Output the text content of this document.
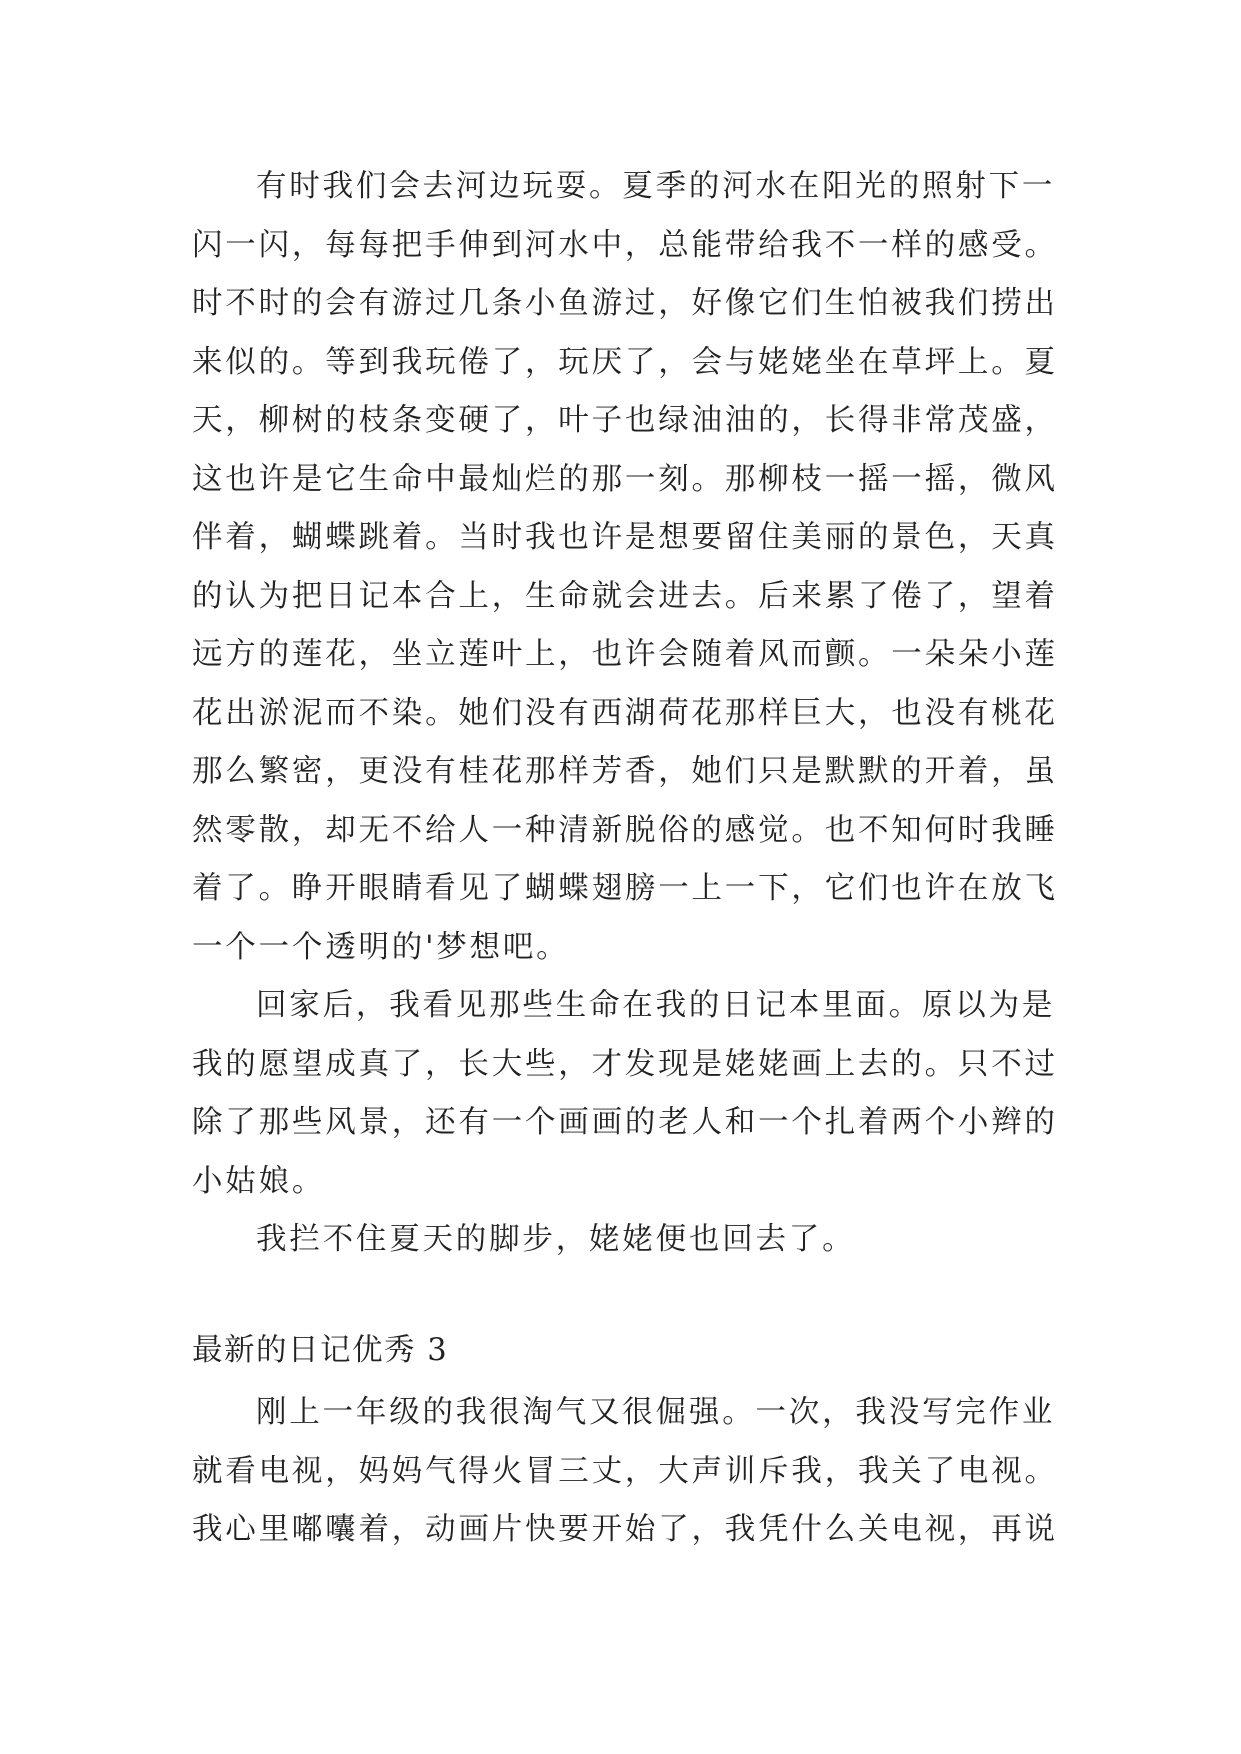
有时我们会去河边玩耍。夏季的河水在阳光的照射下一
闪一闪，每每把手伸到河水中，总能带给我不一样的感受。
时不时的会有游过几条小鱼游过，好像它们生怕被我们捞出
来似的。等到我玩倦了，玩厌了，会与姥姥坐在草坪上。夏
天，柳树的枝条变硬了，叶子也绿油油的，长得非常茂盛，
这也许是它生命中最灿烂的那一刻。那柳枝一摇一摇，微风
伴着，蝴蝶跳着。当时我也许是想要留住美丽的景色，天真
的认为把日记本合上，生命就会进去。后来累了倦了，望着
远方的莲花，坐立莲叶上，也许会随着风而颤。一朵朵小莲
花出淤泥而不染。她们没有西湖荷花那样巨大，也没有桃花
那么繁密，更没有桂花那样芳香，她们只是默默的开着，虽
然零散，却无不给人一种清新脱俗的感觉。也不知何时我睡
着了。睁开眼睛看见了蝴蝶翅膀一上一下，它们也许在放飞
一个一个透明的'梦想吧。
回家后，我看见那些生命在我的日记本里面。原以为是
我的愿望成真了，长大些，才发现是姥姥画上去的。只不过
除了那些风景，还有一个画画的老人和一个扎着两个小辫的
小姑娘。
我拦不住夏天的脚步，姥姥便也回去了。
最新的日记优秀 3
刚上一年级的我很淘气又很倔强。一次，我没写完作业
就看电视，妈妈气得火冒三丈，大声训斥我，我关了电视。
我心里嘟囔着，动画片快要开始了，我凭什么关电视，再说
